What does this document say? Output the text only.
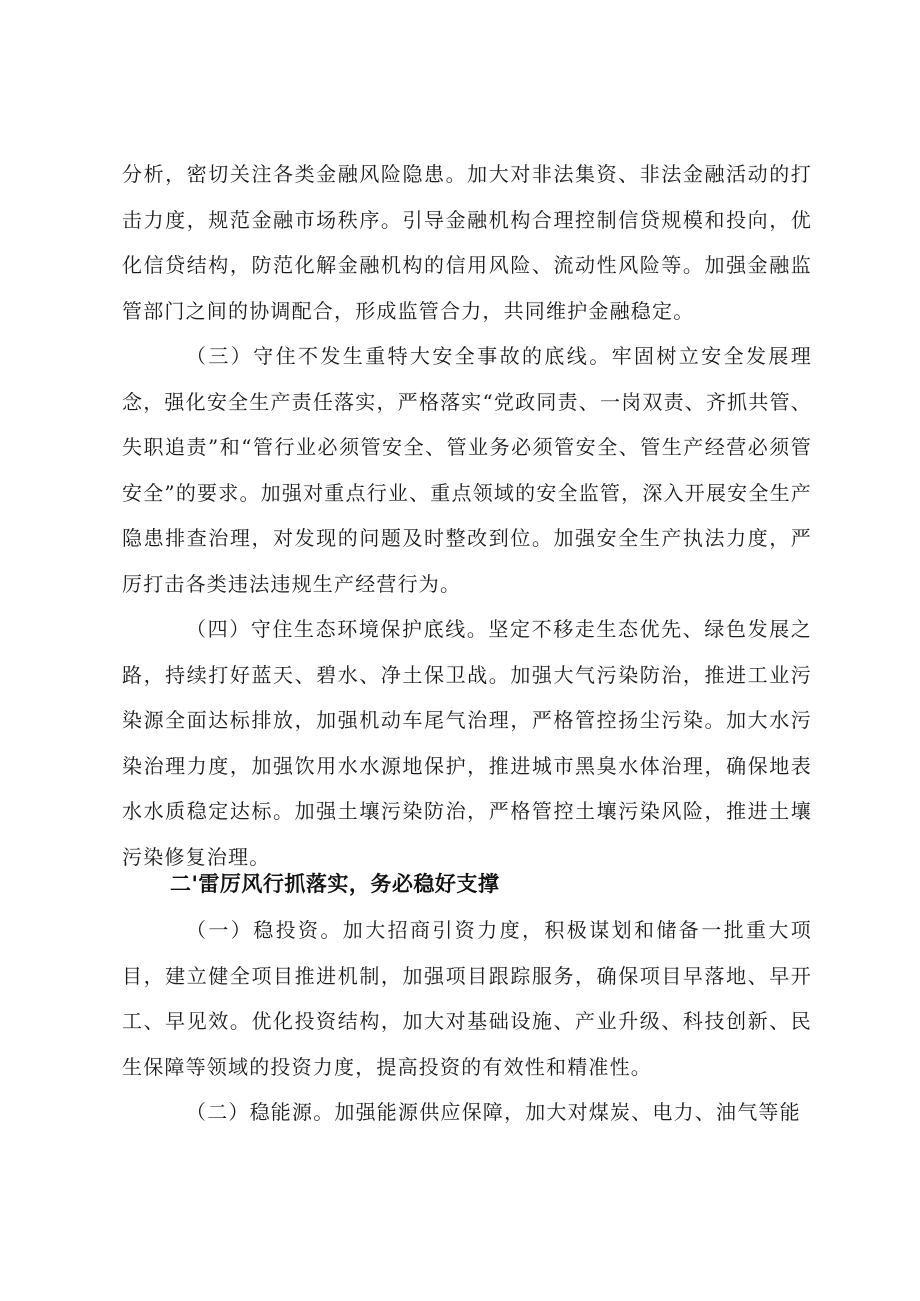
分析，密切关注各类金融风险隐患。加大对非法集资、非法金融活动的打击力度，规范金融市场秩序。引导金融机构合理控制信贷规模和投向，优化信贷结构，防范化解金融机构的信用风险、流动性风险等。加强金融监管部门之间的协调配合，形成监管合力，共同维护金融稳定。

（三）守住不发生重特大安全事故的底线。牢固树立安全发展理念，强化安全生产责任落实，严格落实“党政同责、一岗双责、齐抓共管、失职追责”和“管行业必须管安全、管业务必须管安全、管生产经营必须管安全”的要求。加强对重点行业、重点领域的安全监管，深入开展安全生产隐患排查治理，对发现的问题及时整改到位。加强安全生产执法力度，严厉打击各类违法违规生产经营行为。

（四）守住生态环境保护底线。坚定不移走生态优先、绿色发展之路，持续打好蓝天、碧水、净土保卫战。加强大气污染防治，推进工业污染源全面达标排放，加强机动车尾气治理，严格管控扬尘污染。加大水污染治理力度，加强饮用水水源地保护，推进城市黑臭水体治理，确保地表水水质稳定达标。加强土壤污染防治，严格管控土壤污染风险，推进土壤污染修复治理。

二'雷厉风行抓落实，务必稳好支撑

（一）稳投资。加大招商引资力度，积极谋划和储备一批重大项目，建立健全项目推进机制，加强项目跟踪服务，确保项目早落地、早开工、早见效。优化投资结构，加大对基础设施、产业升级、科技创新、民生保障等领域的投资力度，提高投资的有效性和精准性。

（二）稳能源。加强能源供应保障，加大对煤炭、电力、油气等能
